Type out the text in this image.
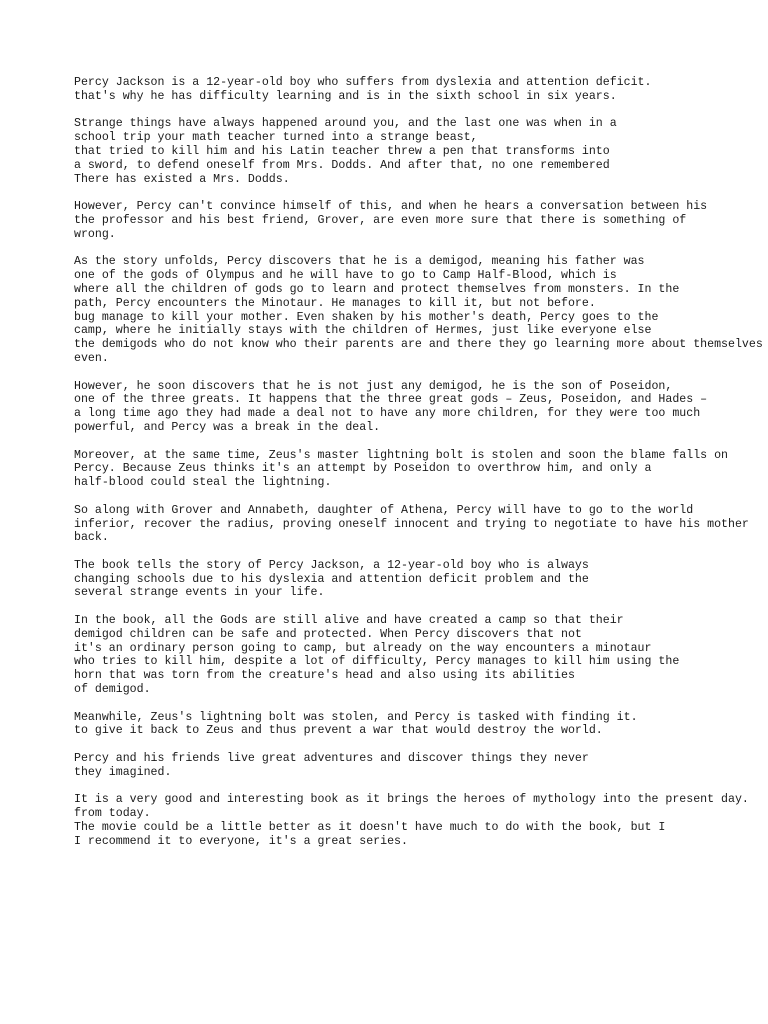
Percy Jackson is a 12-year-old boy who suffers from dyslexia and attention deficit.
that's why he has difficulty learning and is in the sixth school in six years.

Strange things have always happened around you, and the last one was when in a
school trip your math teacher turned into a strange beast,
that tried to kill him and his Latin teacher threw a pen that transforms into
a sword, to defend oneself from Mrs. Dodds. And after that, no one remembered
There has existed a Mrs. Dodds.

However, Percy can't convince himself of this, and when he hears a conversation between his
the professor and his best friend, Grover, are even more sure that there is something of
wrong.

As the story unfolds, Percy discovers that he is a demigod, meaning his father was
one of the gods of Olympus and he will have to go to Camp Half-Blood, which is
where all the children of gods go to learn and protect themselves from monsters. In the
path, Percy encounters the Minotaur. He manages to kill it, but not before.
bug manage to kill your mother. Even shaken by his mother's death, Percy goes to the
camp, where he initially stays with the children of Hermes, just like everyone else
the demigods who do not know who their parents are and there they go learning more about themselves
even.

However, he soon discovers that he is not just any demigod, he is the son of Poseidon,
one of the three greats. It happens that the three great gods – Zeus, Poseidon, and Hades –
a long time ago they had made a deal not to have any more children, for they were too much
powerful, and Percy was a break in the deal.

Moreover, at the same time, Zeus's master lightning bolt is stolen and soon the blame falls on
Percy. Because Zeus thinks it's an attempt by Poseidon to overthrow him, and only a
half-blood could steal the lightning.

So along with Grover and Annabeth, daughter of Athena, Percy will have to go to the world
inferior, recover the radius, proving oneself innocent and trying to negotiate to have his mother
back.

The book tells the story of Percy Jackson, a 12-year-old boy who is always
changing schools due to his dyslexia and attention deficit problem and the
several strange events in your life.

In the book, all the Gods are still alive and have created a camp so that their
demigod children can be safe and protected. When Percy discovers that not
it's an ordinary person going to camp, but already on the way encounters a minotaur
who tries to kill him, despite a lot of difficulty, Percy manages to kill him using the
horn that was torn from the creature's head and also using its abilities
of demigod.

Meanwhile, Zeus's lightning bolt was stolen, and Percy is tasked with finding it.
to give it back to Zeus and thus prevent a war that would destroy the world.

Percy and his friends live great adventures and discover things they never
they imagined.

It is a very good and interesting book as it brings the heroes of mythology into the present day.
from today.
The movie could be a little better as it doesn't have much to do with the book, but I
I recommend it to everyone, it's a great series.
